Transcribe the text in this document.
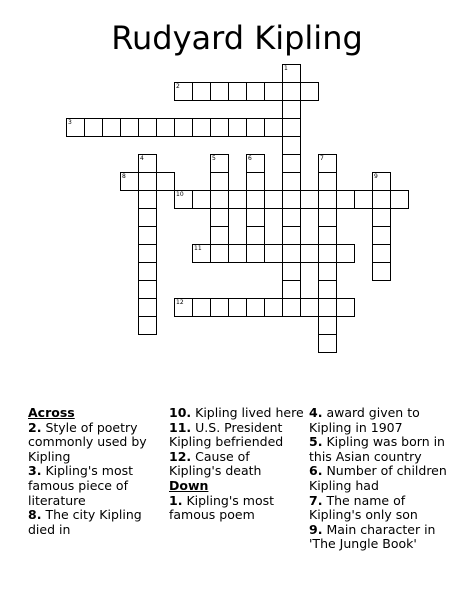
Rudyard Kipling
2
3
8
10
11
12
1
4	5	6	7
9
Across

2. Style of poetry commonly used by Kipling

3. Kipling's most famous piece of literature

8. The city Kipling died in

10. Kipling lived here

11. U.S. President Kipling befriended

12. Cause of Kipling's death

Down

1. Kipling's most famous poem

4. award given to Kipling in 1907

5. Kipling was born in this Asian country

6. Number of children Kipling had

7. The name of Kipling's only son

9. Main character in 'The Jungle Book'
